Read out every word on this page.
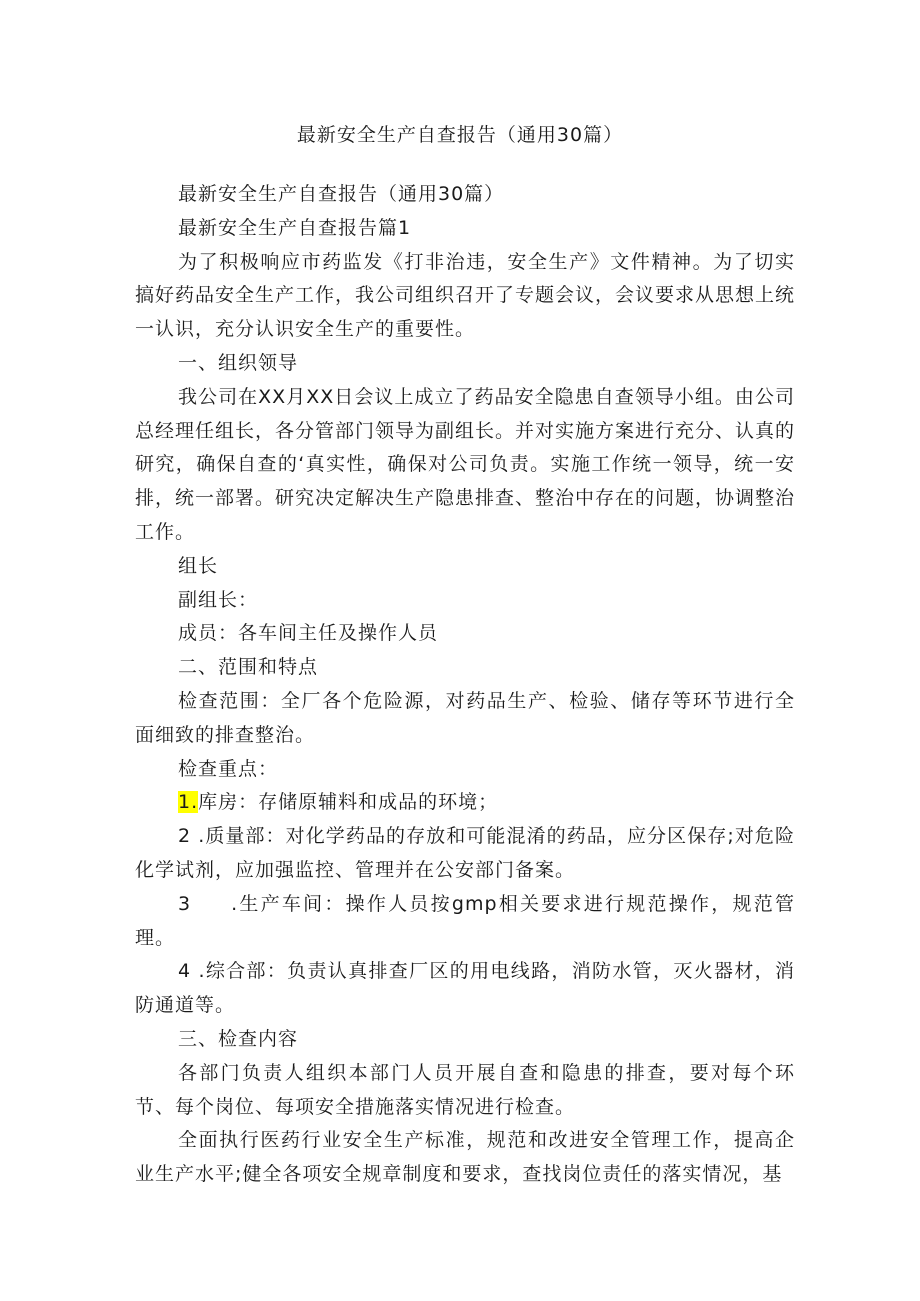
最新安全生产自查报告（通用30篇）

最新安全生产自查报告（通用30篇）

最新安全生产自查报告篇1

为了积极响应市药监发《打非治违，安全生产》文件精神。为了切实搞好药品安全生产工作，我公司组织召开了专题会议，会议要求从思想上统一认识，充分认识安全生产的重要性。

一、组织领导

我公司在XX月XX日会议上成立了药品安全隐患自查领导小组。由公司总经理任组长，各分管部门领导为副组长。并对实施方案进行充分、认真的研究，确保自查的‘真实性，确保对公司负责。实施工作统一领导，统一安排，统一部署。研究决定解决生产隐患排查、整治中存在的问题，协调整治工作。

组长

副组长：

成员：各车间主任及操作人员

二、范围和特点

检查范围：全厂各个危险源，对药品生产、检验、储存等环节进行全面细致的排查整治。

检查重点：

1.库房：存储原辅料和成品的环境；

2 .质量部：对化学药品的存放和可能混淆的药品，应分区保存;对危险化学试剂，应加强监控、管理并在公安部门备案。

3 .生产车间：操作人员按gmp相关要求进行规范操作，规范管理。

4 .综合部：负责认真排查厂区的用电线路，消防水管，灭火器材，消防通道等。

三、检查内容

各部门负责人组织本部门人员开展自查和隐患的排查，要对每个环节、每个岗位、每项安全措施落实情况进行检查。

全面执行医药行业安全生产标准，规范和改进安全管理工作，提高企业生产水平;健全各项安全规章制度和要求，查找岗位责任的落实情况，基
